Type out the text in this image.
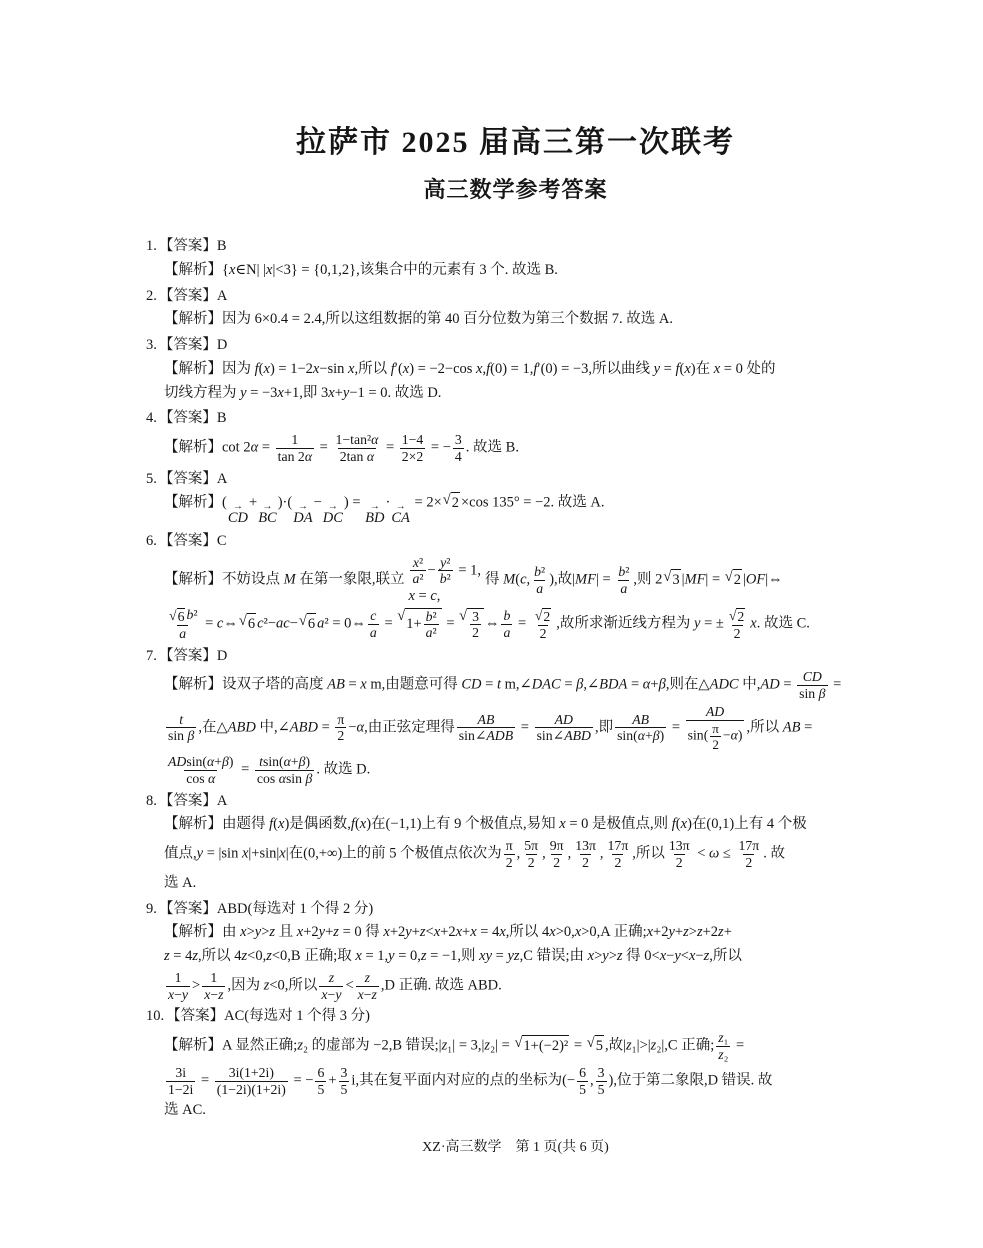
拉萨市 2025 届高三第一次联考
高三数学参考答案

1. 【答案】B

【解析】{x∈N| |x|<3} = {0,1,2},该集合中的元素有 3 个. 故选 B.

2. 【答案】A

【解析】因为 6×0.4 = 2.4,所以这组数据的第 40 百分位数为第三个数据 7. 故选 A.

3. 【答案】D

【解析】因为 f(x) = 1−2x−sin x,所以 f′(x) = −2−cos x,f(0) = 1,f′(0) = −3,所以曲线 y = f(x)在 x = 0 处的

切线方程为 y = −3x+1,即 3x+y−1 = 0. 故选 D.

4. 【答案】B

【解析】$\cot 2\alpha = \frac{1}{\tan 2\alpha} = \frac{\text{1−tan²α}}{\text{2tan α}} = \frac{1-4}{2\times 2}$ = − $\frac{3}{4}$ . 故选 B.

5. 【答案】A

【解析】( →
CD
+ →
BC
)·( →
DA
− →
DC
) = →
BD
· →
CA
= 2× √ 2 ×cos 135° = −2. 故选 A.

6. 【答案】C

【解析】不妨设点 M 在第一象限,联立 $\frac{\text{x²}}{\text{a²}} - \frac{\text{y²}}{\text{b²}} = 1$,
x = c,
得 M(c, $\frac{\text{b²}}{a}$ ),故$|MF| = \frac{\text{b²}}{a}$ ,则 2 √ 3 |MF| = √ 2 |OF|⇔

$\frac{\text{√ 6 b²}}{a}$ = c⇔ √ 6 c²−ac− √ 6 a² = 0⇔ $\frac{c}{a}$ =
√
1+ b²
a²
=
√ 3
2
⇔ $\frac{b}{a} = \frac{√ 2}{2}$ ,故所求渐近线方程为 y = ± $\frac{√ 2}{2} x$. 故选 C.

7. 【答案】D

【解析】设双子塔的高度 AB = x m,由题意可得 CD = t m,∠DAC = β,∠BDA = α+β,则在△ADC 中$,AD = \frac{CD}{\text{sin β}}$ =

$\frac{t}{\text{sin β}}$ ,在△ABD 中,∠ABD = $\frac{\pi}{2} -\alpha$,由正弦定理得
AB
sin∠ADB
=
AD
sin∠ABD
,即 $\frac{AB}{\sin(\alpha+\beta)} = \frac{AD}{\sin( \frac{\pi}{2} -\alpha)}$ ,所以 AB =

$\frac{ADsin(\alpha+\beta)}{\text{cos α}} = \frac{tsin(\alpha+\beta)}{\text{cos αsin β}}$ . 故选 D.

8. 【答案】A

【解析】由题得 f(x)是偶函数,f(x)在(−1,1)上有 9 个极值点,易知 x = 0 是极值点,则 f(x)在(0,1)上有 4 个极

值点,y = |sin x|+sin|x|在(0,+∞)上的前 5 个极值点依次为 $\frac{\pi}{2}$ , $\frac{5\pi}{2}$ , $\frac{9\pi}{2}$ , $\frac{13\pi}{2}$ , $\frac{17\pi}{2}$ ,所以 $\frac{13\pi}{2} < \omega \le \frac{17\pi}{2}$ . 故

选 A.

9. 【答案】ABD(每选对 1 个得 2 分)

【解析】由 x>y>z 且 x+2y+z = 0 得 x+2y+z<x+2x+x = 4x,所以 4x>0,x>0,A 正确;x+2y+z>z+2z+

z = 4z,所以 4z<0,z<0,B 正确;取 x = 1,y = 0,z = −1,则 xy = yz,C 错误;由 x>y>z 得 0<x−y<x−z,所以

$\frac{1}{x-y} > \frac{1}{x-z}$ ,因为 z<0,所以 $\frac{z}{x-y} < \frac{z}{x-z} ,D$ 正确. 故选 ABD.

10. 【答案】AC(每选对 1 个得 3 分)

【解析】A 显然正确;z₂ 的虚部为 −2,B 错误;|z₁| = 3,|z₂| = √ 1+(−2)² = √ 5 ,故|z₁|>|z₂|,C 正确; $\frac{\text{z₁}}{\text{z₂}}$ =

$\frac{3i}{1-2i} = \frac{3i(1+2i)}{(1-2i)(1+2i)}$ = − $\frac{6}{5} + \frac{3}{5} i$,其在复平面内对应的点的坐标为(− $\frac{6}{5}$ , $\frac{3}{5}$ ),位于第二象限,D 错误. 故

选 AC.

XZ·高三数学　第 1 页(共 6 页)
